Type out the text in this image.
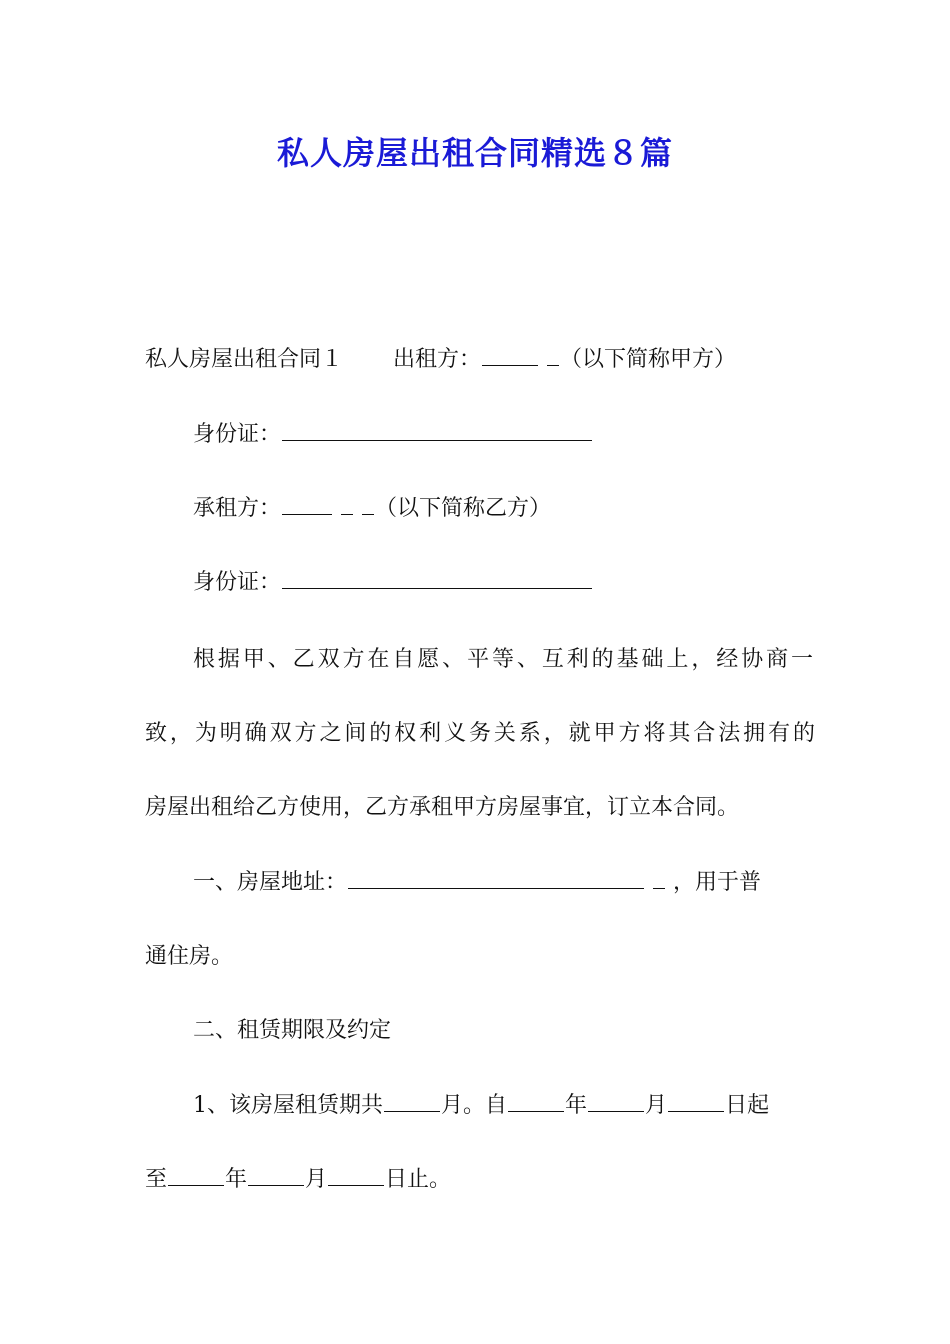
私人房屋出租合同精选８篇
私人房屋出租合同１ 出租方：	（以下简称甲方）
身份证：
承租方：	（以下简称乙方）
身份证：
根据甲、乙双方在自愿、平等、互利的基础上，经协商一
致，为明确双方之间的权利义务关系，就甲方将其合法拥有的
房屋出租给乙方使用，乙方承租甲方房屋事宜，订立本合同。
一、房屋地址：	，用于普
通住房。
二、租赁期限及约定
1、该房屋租赁期共	月。自	年	月	日起
至	年	月	日止。
